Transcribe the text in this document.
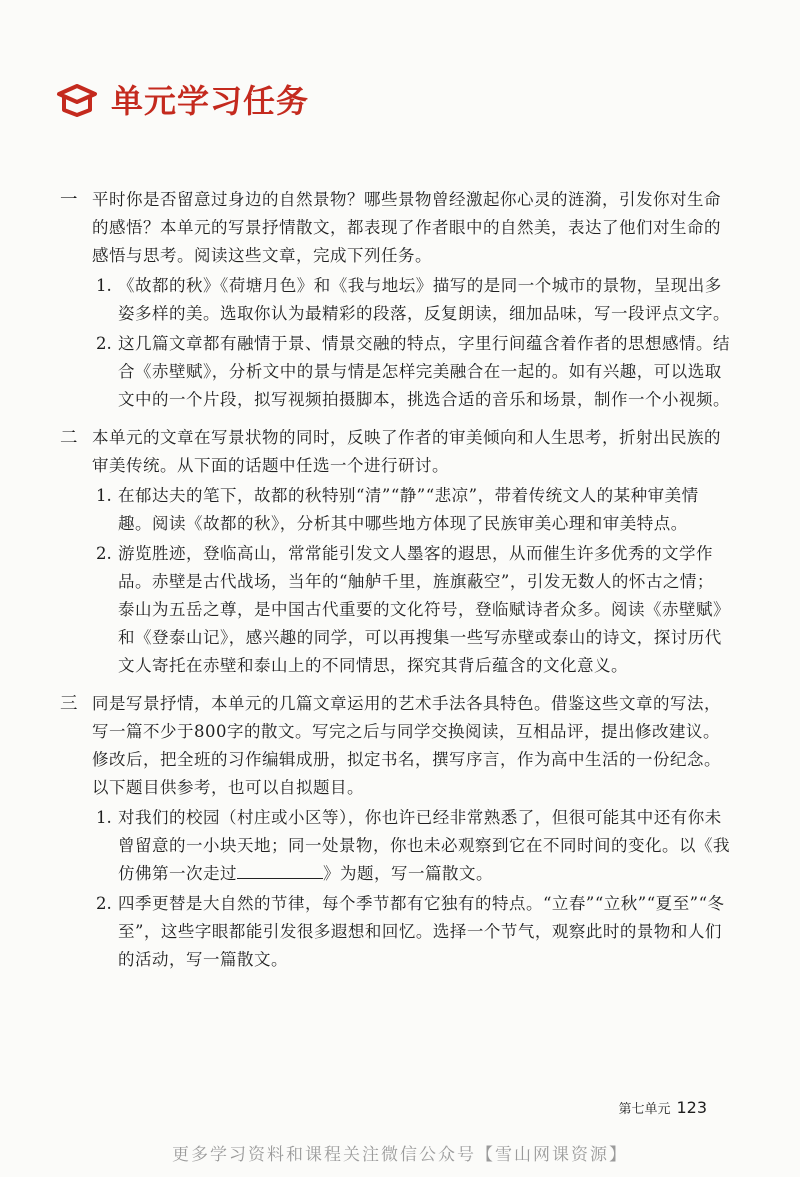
单元学习任务
一 平时你是否留意过身边的自然景物？哪些景物曾经激起你心灵的涟漪，引发你对生命的感悟？本单元的写景抒情散文，都表现了作者眼中的自然美，表达了他们对生命的感悟与思考。阅读这些文章，完成下列任务。
1. 《故都的秋》《荷塘月色》和《我与地坛》描写的是同一个城市的景物，呈现出多姿多样的美。选取你认为最精彩的段落，反复朗读，细加品味，写一段评点文字。
2. 这几篇文章都有融情于景、情景交融的特点，字里行间蕴含着作者的思想感情。结合《赤壁赋》，分析文中的景与情是怎样完美融合在一起的。如有兴趣，可以选取文中的一个片段，拟写视频拍摄脚本，挑选合适的音乐和场景，制作一个小视频。
二 本单元的文章在写景状物的同时，反映了作者的审美倾向和人生思考，折射出民族的审美传统。从下面的话题中任选一个进行研讨。
1. 在郁达夫的笔下，故都的秋特别“清”“静”“悲凉”，带着传统文人的某种审美情趣。阅读《故都的秋》，分析其中哪些地方体现了民族审美心理和审美特点。
2. 游览胜迹，登临高山，常常能引发文人墨客的遐思，从而催生许多优秀的文学作品。赤壁是古代战场，当年的“舳舻千里，旌旗蔽空”，引发无数人的怀古之情；泰山为五岳之尊，是中国古代重要的文化符号，登临赋诗者众多。阅读《赤壁赋》和《登泰山记》，感兴趣的同学，可以再搜集一些写赤壁或泰山的诗文，探讨历代文人寄托在赤壁和泰山上的不同情思，探究其背后蕴含的文化意义。
三 同是写景抒情，本单元的几篇文章运用的艺术手法各具特色。借鉴这些文章的写法，写一篇不少于800字的散文。写完之后与同学交换阅读，互相品评，提出修改建议。修改后，把全班的习作编辑成册，拟定书名，撰写序言，作为高中生活的一份纪念。以下题目供参考，也可以自拟题目。
1. 对我们的校园（村庄或小区等），你也许已经非常熟悉了，但很可能其中还有你未曾留意的一小块天地；同一处景物，你也未必观察到它在不同时间的变化。以《我仿佛第一次走过	》为题，写一篇散文。
2. 四季更替是大自然的节律，每个季节都有它独有的特点。“立春”“立秋”“夏至”“冬至”，这些字眼都能引发很多遐想和回忆。选择一个节气，观察此时的景物和人们的活动，写一篇散文。
第七单元 123
更多学习资料和课程关注微信公众号【雪山网课资源】
